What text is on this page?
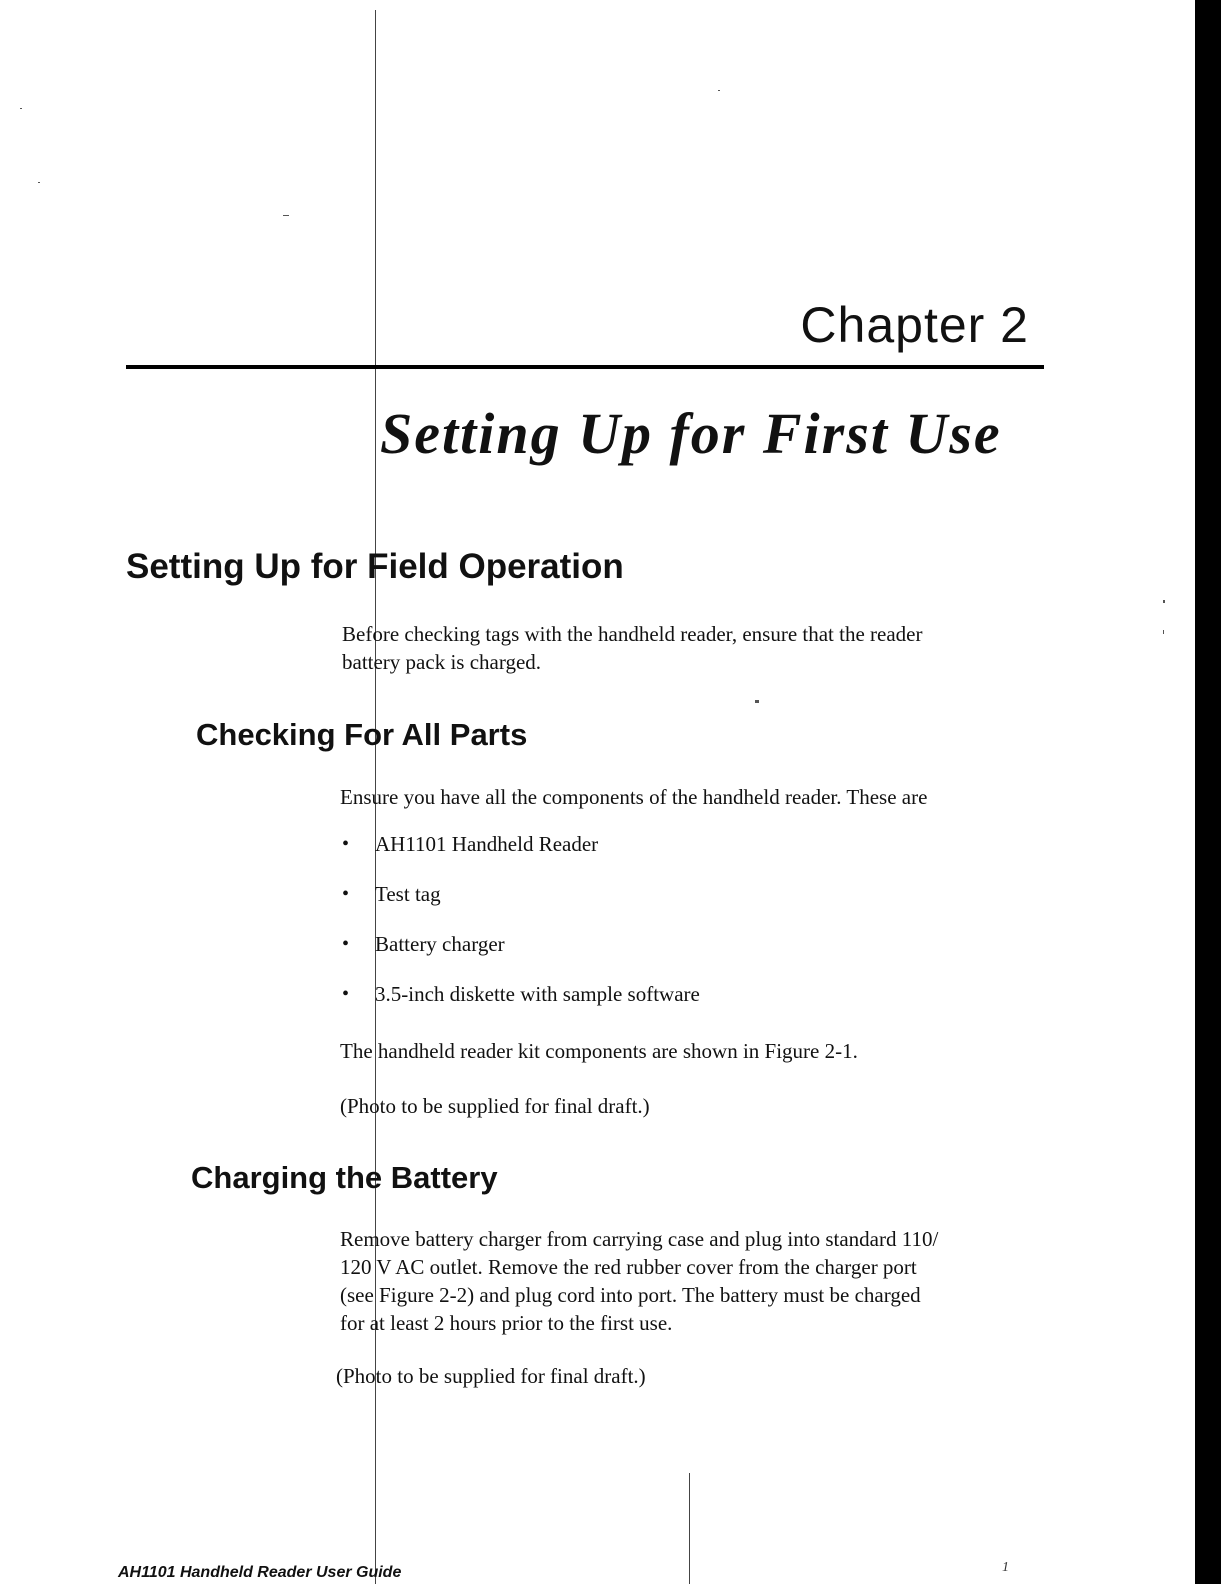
Chapter 2
Setting Up for First Use
Setting Up for Field Operation
Before checking tags with the handheld reader, ensure that the reader
battery pack is charged.
Checking For All Parts

Ensure you have all the components of the handheld reader. These are

• AH1101 Handheld Reader
• Test tag
• Battery charger
• 3.5-inch diskette with sample software

The handheld reader kit components are shown in Figure 2-1.

(Photo to be supplied for final draft.)

Charging the Battery
Remove battery charger from carrying case and plug into standard 110/
120 V AC outlet. Remove the red rubber cover from the charger port
(see Figure 2-2) and plug cord into port. The battery must be charged
for at least 2 hours prior to the first use.

(Photo to be supplied for final draft.)

AH1101 Handheld Reader User Guide	1
